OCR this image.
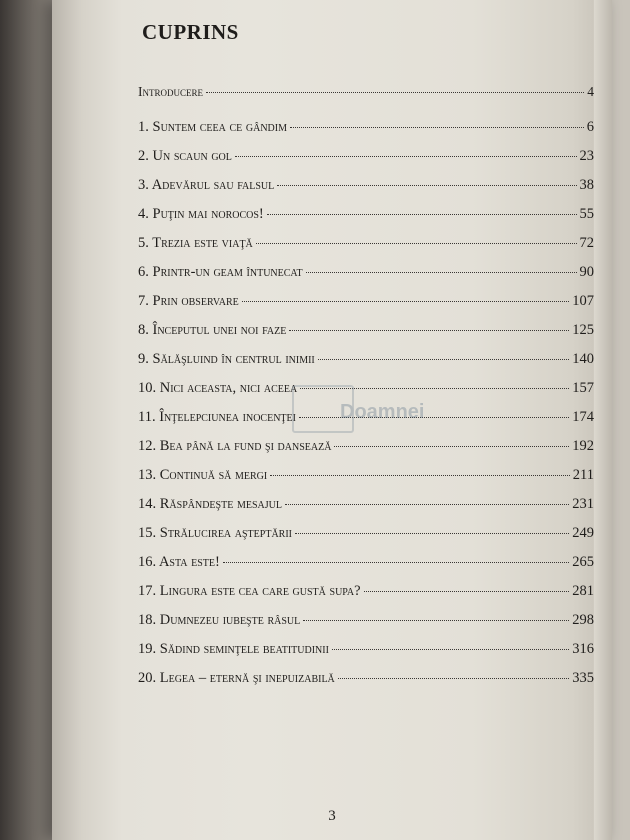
CUPRINS
Introducere	4
1. Suntem ceea ce gândim	6
2. Un scaun gol	23
3. Adevărul sau falsul	38
4. Puţin mai norocos!	55
5. Trezia este viaţă	72
6. Printr-un geam întunecat	90
7. Prin observare	107
8. Începutul unei noi faze	125
9. Sălăşluind în centrul inimii	140
10. Nici aceasta, nici aceea	157
11. Înţelepciunea inocenţei	174
12. Bea până la fund şi dansează	192
13. Continuă să mergi	211
14. Răspândeşte mesajul	231
15. Strălucirea aşteptării	249
16. Asta este!	265
17. Lingura este cea care gustă supa?	281
18. Dumnezeu iubeşte râsul	298
19. Sădind seminţele beatitudinii	316
20. Legea – eternă şi inepuizabilă	335
Doamnei
3
